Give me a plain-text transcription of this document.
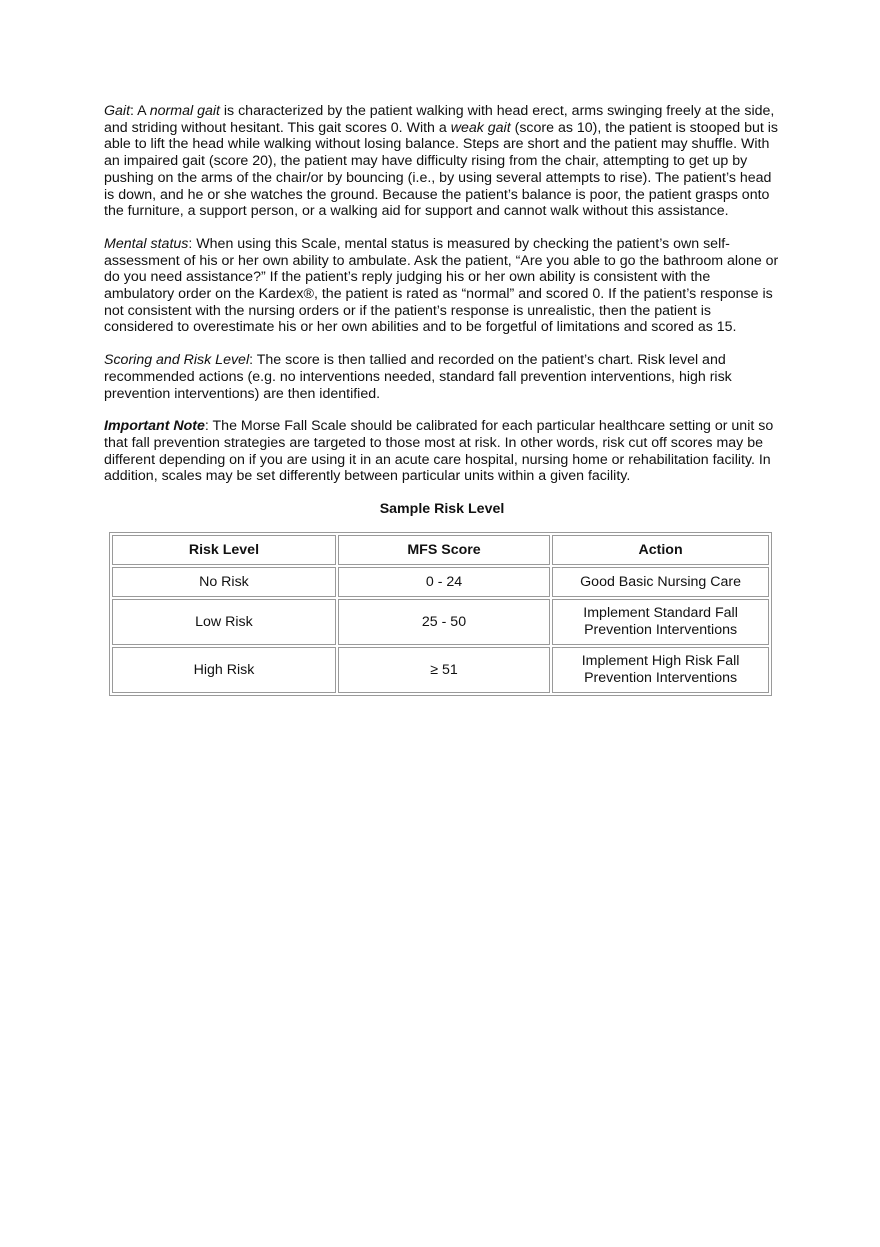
Gait: A normal gait is characterized by the patient walking with head erect, arms swinging freely at the side, and striding without hesitant. This gait scores 0. With a weak gait (score as 10), the patient is stooped but is able to lift the head while walking without losing balance. Steps are short and the patient may shuffle. With an impaired gait (score 20), the patient may have difficulty rising from the chair, attempting to get up by pushing on the arms of the chair/or by bouncing (i.e., by using several attempts to rise). The patient’s head is down, and he or she watches the ground. Because the patient’s balance is poor, the patient grasps onto the furniture, a support person, or a walking aid for support and cannot walk without this assistance.

Mental status: When using this Scale, mental status is measured by checking the patient’s own self-assessment of his or her own ability to ambulate. Ask the patient, “Are you able to go the bathroom alone or do you need assistance?” If the patient’s reply judging his or her own ability is consistent with the ambulatory order on the Kardex®, the patient is rated as “normal” and scored 0. If the patient’s response is not consistent with the nursing orders or if the patient’s response is unrealistic, then the patient is considered to overestimate his or her own abilities and to be forgetful of limitations and scored as 15.

Scoring and Risk Level: The score is then tallied and recorded on the patient’s chart. Risk level and recommended actions (e.g. no interventions needed, standard fall prevention interventions, high risk prevention interventions) are then identified.

Important Note: The Morse Fall Scale should be calibrated for each particular healthcare setting or unit so that fall prevention strategies are targeted to those most at risk. In other words, risk cut off scores may be different depending on if you are using it in an acute care hospital, nursing home or rehabilitation facility. In addition, scales may be set differently between particular units within a given facility.

Sample Risk Level
Risk Level	MFS Score	Action
No Risk	0 - 24	Good Basic Nursing Care
Low Risk	25 - 50	Implement Standard Fall Prevention Interventions
High Risk	≥ 51	Implement High Risk Fall Prevention Interventions
